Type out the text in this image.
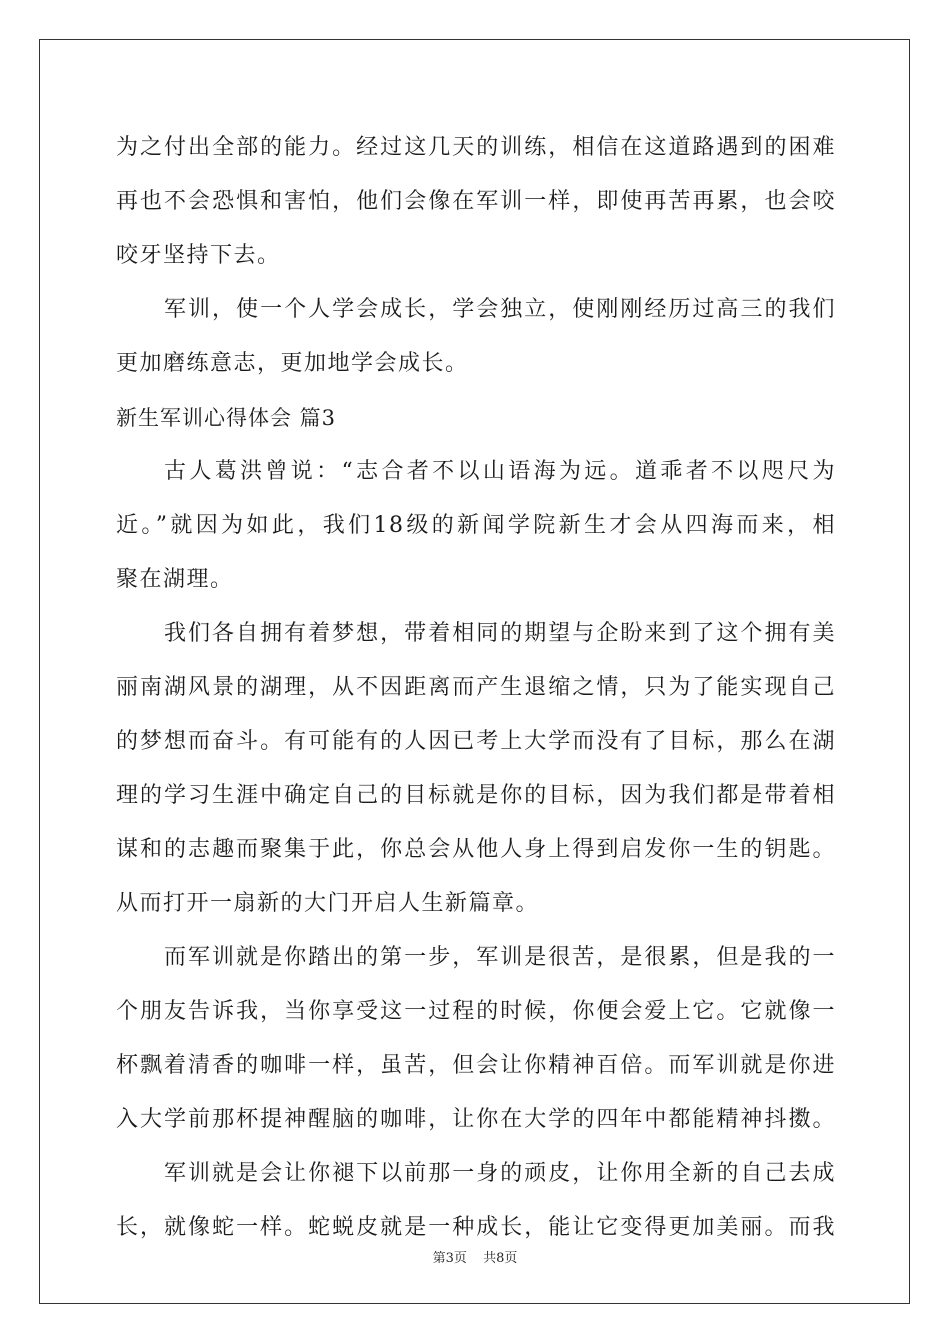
为之付出全部的能力。经过这几天的训练，相信在这道路遇到的困难
再也不会恐惧和害怕，他们会像在军训一样，即使再苦再累，也会咬
咬牙坚持下去。
军训，使一个人学会成长，学会独立，使刚刚经历过高三的我们
更加磨练意志，更加地学会成长。
新生军训心得体会 篇3
古人葛洪曾说：“志合者不以山语海为远。道乖者不以咫尺为
近。”就因为如此，我们18级的新闻学院新生才会从四海而来，相
聚在湖理。
我们各自拥有着梦想，带着相同的期望与企盼来到了这个拥有美
丽南湖风景的湖理，从不因距离而产生退缩之情，只为了能实现自己
的梦想而奋斗。有可能有的人因已考上大学而没有了目标，那么在湖
理的学习生涯中确定自己的目标就是你的目标，因为我们都是带着相
谋和的志趣而聚集于此，你总会从他人身上得到启发你一生的钥匙。
从而打开一扇新的大门开启人生新篇章。
而军训就是你踏出的第一步，军训是很苦，是很累，但是我的一
个朋友告诉我，当你享受这一过程的时候，你便会爱上它。它就像一
杯飘着清香的咖啡一样，虽苦，但会让你精神百倍。而军训就是你进
入大学前那杯提神醒脑的咖啡，让你在大学的四年中都能精神抖擞。
军训就是会让你褪下以前那一身的顽皮，让你用全新的自己去成
长，就像蛇一样。蛇蜕皮就是一种成长，能让它变得更加美丽。而我
第3页 共8页
